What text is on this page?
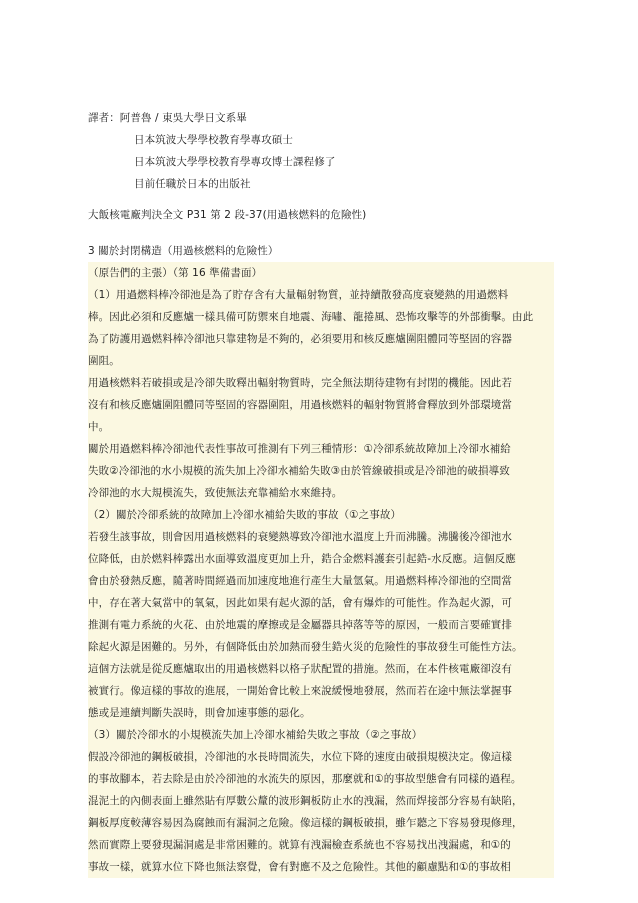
譯者：阿普魯 / 東吳大學日文系畢
日本筑波大學學校教育學專攻碩士
日本筑波大學學校教育學專攻博士課程修了
目前任職於日本的出版社
大飯核電廠判決全文 P31 第 2 段-37(用過核燃料的危險性)
3 關於封閉構造（用過核燃料的危險性）
（原告們的主張）（第 16 準備書面）
（1）用過燃料棒冷卻池是為了貯存含有大量輻射物質，並持續散發高度衰變熱的用過燃料
棒。因此必須和反應爐一樣具備可防禦來自地震、海嘯、龍捲風、恐怖攻擊等的外部衝擊。由此
為了防護用過燃料棒冷卻池只靠建物是不夠的，必須要用和核反應爐圍阻體同等堅固的容器
圍阻。
用過核燃料若破損或是冷卻失敗釋出輻射物質時，完全無法期待建物有封閉的機能。因此若
沒有和核反應爐圍阻體同等堅固的容器圍阻，用過核燃料的輻射物質將會釋放到外部環境當
中。
關於用過燃料棒冷卻池代表性事故可推測有下列三種情形：①冷卻系統故障加上冷卻水補給
失敗②冷卻池的水小規模的流失加上冷卻水補給失敗③由於管線破損或是冷卻池的破損導致
冷卻池的水大規模流失，致使無法充靠補給水來維持。
（2）關於冷卻系統的故障加上冷卻水補給失敗的事故（①之事故）
若發生該事故，則會因用過核燃料的衰變熱導致冷卻池水溫度上升而沸騰。沸騰後冷卻池水
位降低，由於燃料棒露出水面導致溫度更加上升，鋯合金燃料護套引起鋯-水反應。這個反應
會由於發熱反應，隨著時間經過而加速度地進行產生大量氫氣。用過燃料棒冷卻池的空間當
中，存在著大氣當中的氧氣，因此如果有起火源的話，會有爆炸的可能性。作為起火源，可
推測有電力系統的火花、由於地震的摩擦或是金屬器具掉落等等的原因，一般而言要確實排
除起火源是困難的。另外，有個降低由於加熱而發生鋯火災的危險性的事故發生可能性方法。
這個方法就是從反應爐取出的用過核燃料以格子狀配置的措施。然而，在本件核電廠卻沒有
被實行。像這樣的事故的進展，一開始會比較上來說緩慢地發展，然而若在途中無法掌握事
態或是連續判斷失誤時，則會加速事態的惡化。
（3）關於冷卻水的小規模流失加上冷卻水補給失敗之事故（②之事故）
假設冷卻池的鋼板破損，冷卻池的水長時間流失，水位下降的速度由破損規模決定。像這樣
的事故腳本，若去除是由於冷卻池的水流失的原因，那麼就和①的事故型態會有同樣的過程。
混泥土的內側表面上雖然貼有厚數公釐的波形鋼板防止水的洩漏，然而焊接部分容易有缺陷，
鋼板厚度較薄容易因為腐蝕而有漏洞之危險。像這樣的鋼板破損，雖乍聽之下容易發現修理，
然而實際上要發現漏洞處是非常困難的。就算有洩漏檢查系統也不容易找出洩漏處，和①的
事故一樣，就算水位下降也無法察覺，會有對應不及之危險性。其他的顧慮點和①的事故相
